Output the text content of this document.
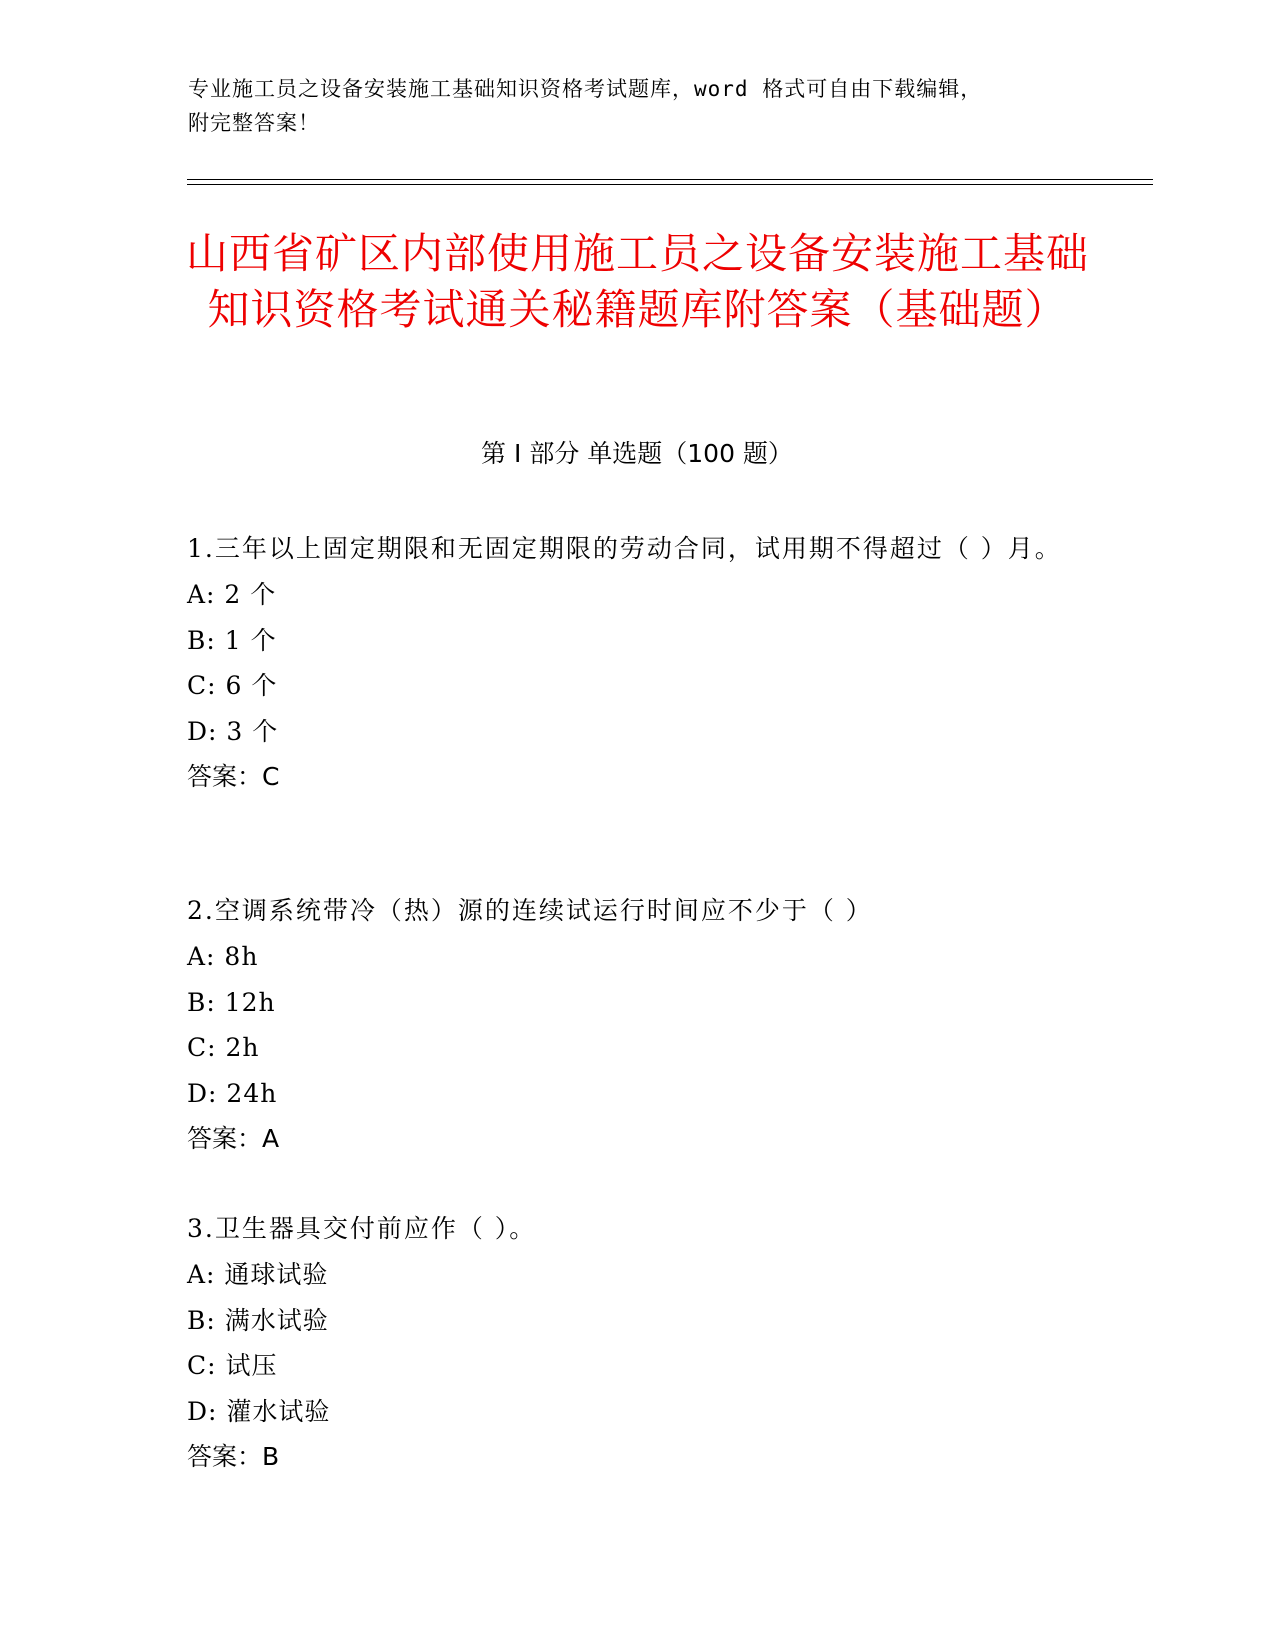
专业施工员之设备安装施工基础知识资格考试题库，word 格式可自由下载编辑，

附完整答案！

山西省矿区内部使用施工员之设备安装施工基础知识资格考试通关秘籍题库附答案（基础题）
第 I 部分 单选题（100 题）

1.三年以上固定期限和无固定期限的劳动合同，试用期不得超过（ ）月。

A: 2 个

B: 1 个

C: 6 个

D: 3 个

答案：C

2.空调系统带冷（热）源的连续试运行时间应不少于（ ）

A: 8h

B: 12h

C: 2h

D: 24h

答案：A

3.卫生器具交付前应作（ ）。

A: 通球试验

B: 满水试验

C: 试压

D: 灌水试验

答案：B
